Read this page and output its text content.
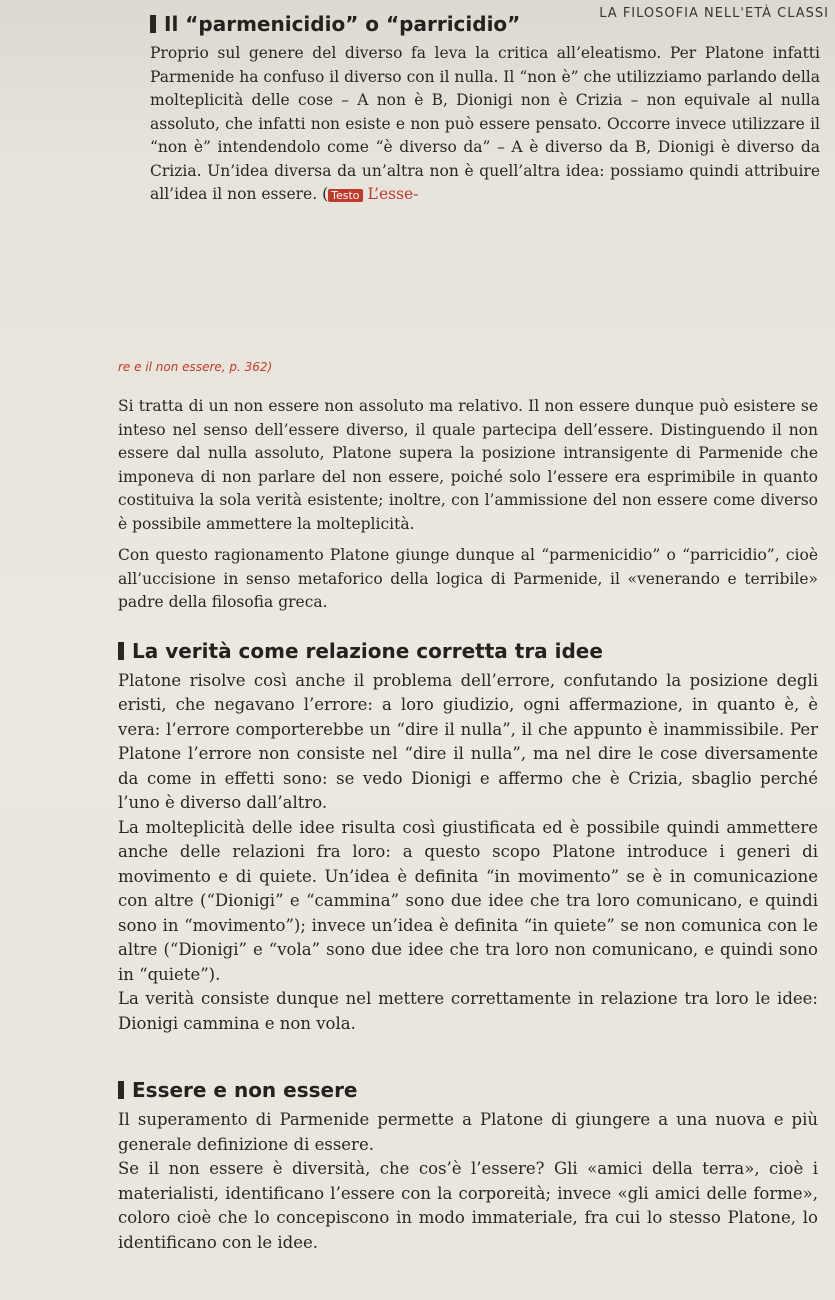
LA FILOSOFIA NELL'ETÀ CLASSI
Il “parmenicidio” o “parricidio”

Proprio sul genere del diverso fa leva la critica all’eleatismo. Per Platone infatti Parmenide ha confuso il diverso con il nulla. Il “non è” che utilizziamo parlando della molteplicità delle cose – A non è B, Dionigi non è Crizia – non equivale al nulla assoluto, che infatti non esiste e non può essere pensato. Occorre invece utilizzare il “non è” intendendolo come “è diverso da” – A è diverso da B, Dionigi è diverso da Crizia. Un’idea diversa da un’altra non è quell’altra idea: possiamo quindi attribuire all’idea il non essere. ( Testo L’esse-

re e il non essere, p. 362)

Si tratta di un non essere non assoluto ma relativo. Il non essere dunque può esistere se inteso nel senso dell’essere diverso, il quale partecipa dell’essere. Distinguendo il non essere dal nulla assoluto, Platone supera la posizione intransigente di Parmenide che imponeva di non parlare del non essere, poiché solo l’essere era esprimibile in quanto costituiva la sola verità esistente; inoltre, con l’ammissione del non essere come diverso è possibile ammettere la molteplicità.

Con questo ragionamento Platone giunge dunque al “parmenicidio” o “parricidio”, cioè all’uccisione in senso metaforico della logica di Parmenide, il «venerando e terribile» padre della filosofia greca.

La verità come relazione corretta tra idee

Platone risolve così anche il problema dell’errore, confutando la posizione degli eristi, che negavano l’errore: a loro giudizio, ogni affermazione, in quanto è, è vera: l’errore comporterebbe un “dire il nulla”, il che appunto è inammissibile. Per Platone l’errore non consiste nel “dire il nulla”, ma nel dire le cose diversamente da come in effetti sono: se vedo Dionigi e affermo che è Crizia, sbaglio perché l’uno è diverso dall’altro.

La molteplicità delle idee risulta così giustificata ed è possibile quindi ammettere anche delle relazioni fra loro: a questo scopo Platone introduce i generi di movimento e di quiete. Un’idea è definita “in movimento” se è in comunicazione con altre (“Dionigi” e “cammina” sono due idee che tra loro comunicano, e quindi sono in “movimento”); invece un’idea è definita “in quiete” se non comunica con le altre (“Dionigi” e “vola” sono due idee che tra loro non comunicano, e quindi sono in “quiete”).

La verità consiste dunque nel mettere correttamente in relazione tra loro le idee: Dionigi cammina e non vola.

Essere e non essere

Il superamento di Parmenide permette a Platone di giungere a una nuova e più generale definizione di essere.

Se il non essere è diversità, che cos’è l’essere? Gli «amici della terra», cioè i materialisti, identificano l’essere con la corporeità; invece «gli amici delle forme», coloro cioè che lo concepiscono in modo immateriale, fra cui lo stesso Platone, lo identificano con le idee.
